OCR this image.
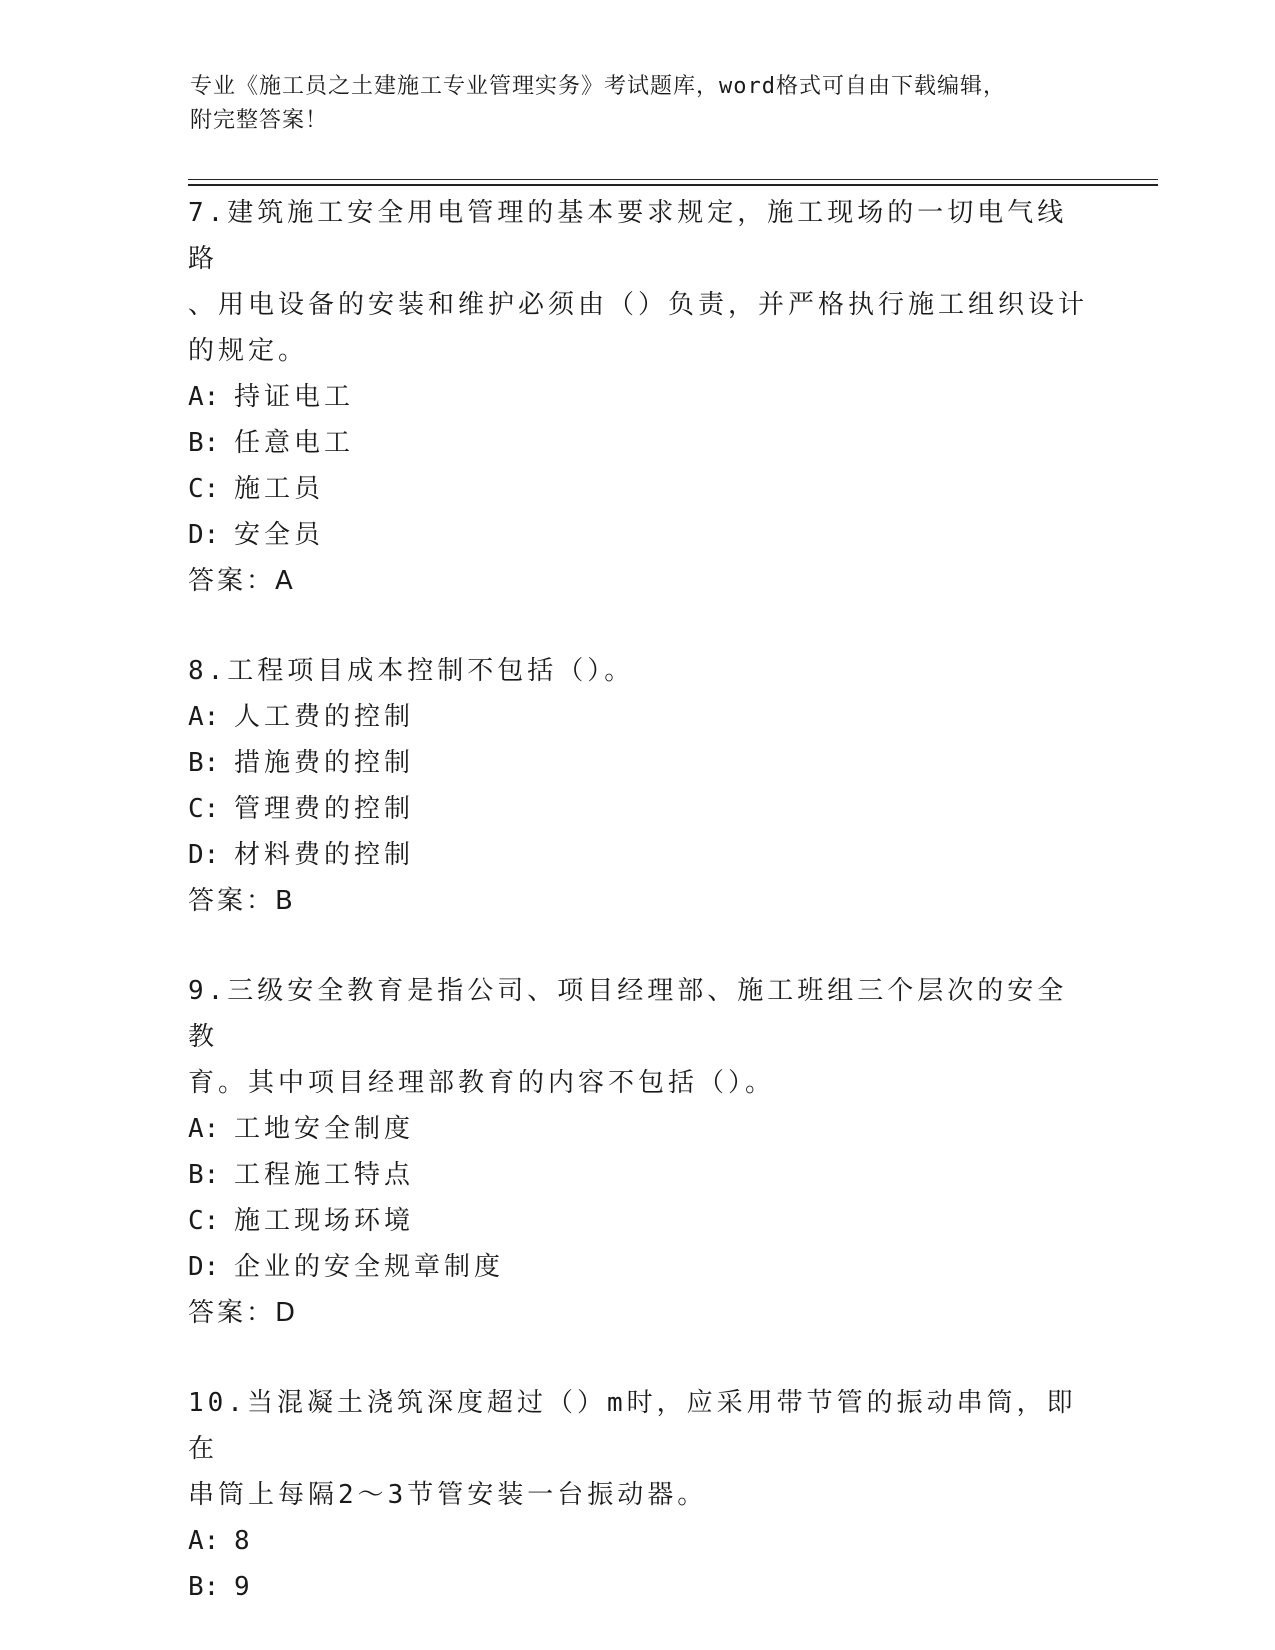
专业《施工员之土建施工专业管理实务》考试题库，word格式可自由下载编辑，
附完整答案！
7.建筑施工安全用电管理的基本要求规定，施工现场的一切电气线路
、用电设备的安装和维护必须由（）负责，并严格执行施工组织设计
的规定。
A: 持证电工
B: 任意电工
C: 施工员
D: 安全员
答案：A
8.工程项目成本控制不包括（）。
A: 人工费的控制
B: 措施费的控制
C: 管理费的控制
D: 材料费的控制
答案：B
9.三级安全教育是指公司、项目经理部、施工班组三个层次的安全教
育。其中项目经理部教育的内容不包括（）。
A: 工地安全制度
B: 工程施工特点
C: 施工现场环境
D: 企业的安全规章制度
答案：D
10.当混凝土浇筑深度超过（）m时，应采用带节管的振动串筒，即在
串筒上每隔2～3节管安装一台振动器。
A: 8
B: 9
